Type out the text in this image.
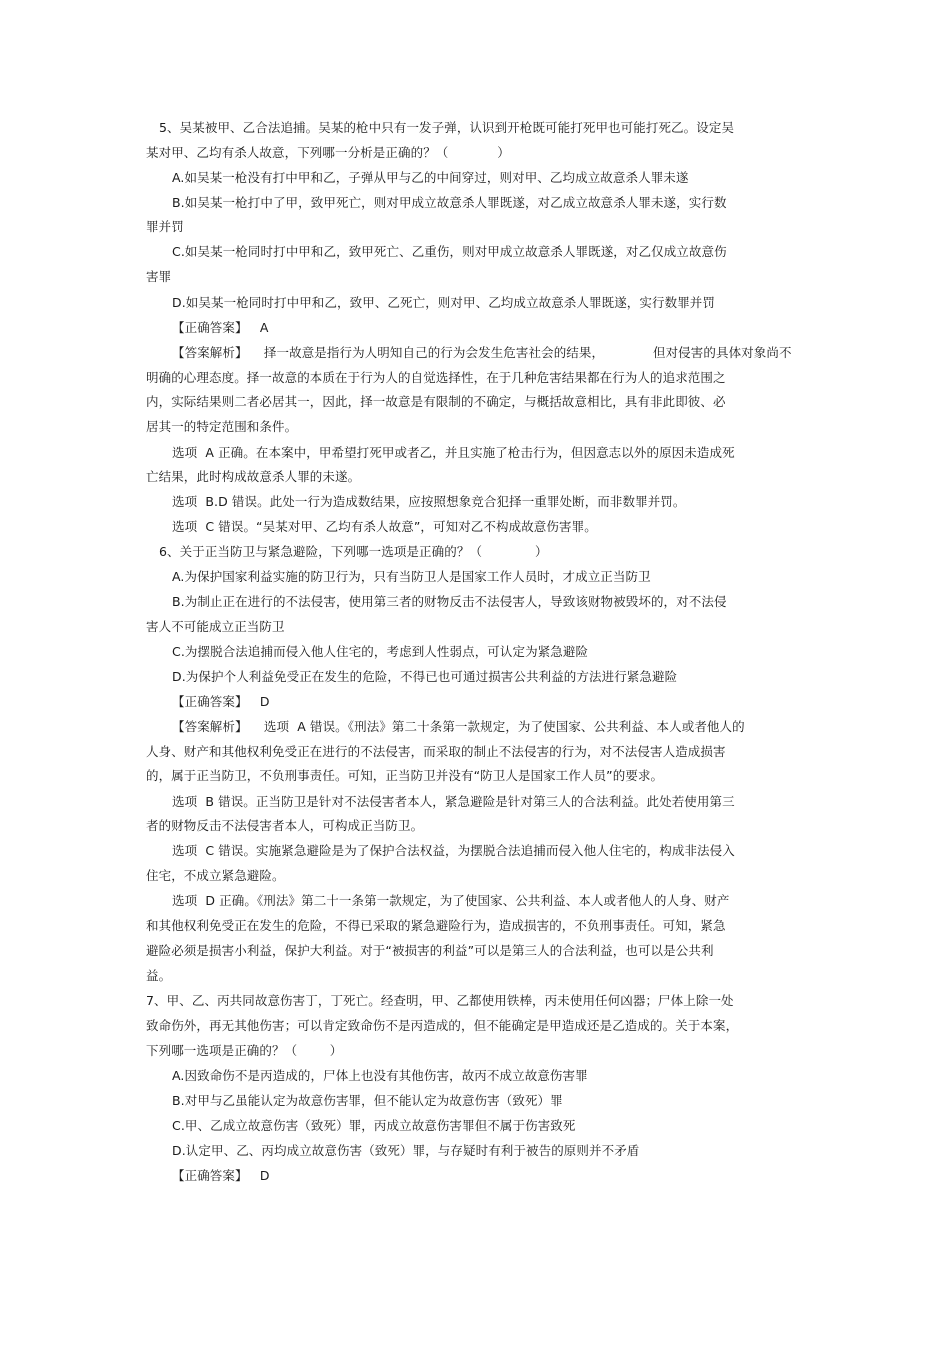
5、吴某被甲、乙合法追捕。吴某的枪中只有一发子弹，认识到开枪既可能打死甲也可能打死乙。设定吴
某对甲、乙均有杀人故意，下列哪一分析是正确的？（            ）
A.如吴某一枪没有打中甲和乙，子弹从甲与乙的中间穿过，则对甲、乙均成立故意杀人罪未遂
B.如吴某一枪打中了甲，致甲死亡，则对甲成立故意杀人罪既遂，对乙成立故意杀人罪未遂，实行数
罪并罚
C.如吴某一枪同时打中甲和乙，致甲死亡、乙重伤，则对甲成立故意杀人罪既遂，对乙仅成立故意伤
害罪
D.如吴某一枪同时打中甲和乙，致甲、乙死亡，则对甲、乙均成立故意杀人罪既遂，实行数罪并罚
【正确答案】   A
【答案解析】    择一故意是指行为人明知自己的行为会发生危害社会的结果，            但对侵害的具体对象尚不
明确的心理态度。择一故意的本质在于行为人的自觉选择性，在于几种危害结果都在行为人的追求范围之
内，实际结果则二者必居其一，因此，择一故意是有限制的不确定，与概括故意相比，具有非此即彼、必
居其一的特定范围和条件。
选项  A 正确。在本案中，甲希望打死甲或者乙，并且实施了枪击行为，但因意志以外的原因未造成死
亡结果，此时构成故意杀人罪的未遂。
选项  B.D 错误。此处一行为造成数结果，应按照想象竞合犯择一重罪处断，而非数罪并罚。
选项  C 错误。“吴某对甲、乙均有杀人故意”，可知对乙不构成故意伤害罪。
6、关于正当防卫与紧急避险，下列哪一选项是正确的？（             ）
A.为保护国家利益实施的防卫行为，只有当防卫人是国家工作人员时，才成立正当防卫
B.为制止正在进行的不法侵害，使用第三者的财物反击不法侵害人，导致该财物被毁坏的，对不法侵
害人不可能成立正当防卫
C.为摆脱合法追捕而侵入他人住宅的，考虑到人性弱点，可认定为紧急避险
D.为保护个人利益免受正在发生的危险，不得已也可通过损害公共利益的方法进行紧急避险
【正确答案】   D
【答案解析】    选项  A 错误。《刑法》第二十条第一款规定，为了使国家、公共利益、本人或者他人的
人身、财产和其他权利免受正在进行的不法侵害，而采取的制止不法侵害的行为，对不法侵害人造成损害
的，属于正当防卫，不负刑事责任。可知，正当防卫并没有“防卫人是国家工作人员”的要求。
选项  B 错误。正当防卫是针对不法侵害者本人，紧急避险是针对第三人的合法利益。此处若使用第三
者的财物反击不法侵害者本人，可构成正当防卫。
选项  C 错误。实施紧急避险是为了保护合法权益，为摆脱合法追捕而侵入他人住宅的，构成非法侵入
住宅，不成立紧急避险。
选项  D 正确。《刑法》第二十一条第一款规定，为了使国家、公共利益、本人或者他人的人身、财产
和其他权利免受正在发生的危险，不得已采取的紧急避险行为，造成损害的，不负刑事责任。可知，紧急
避险必须是损害小利益，保护大利益。对于“被损害的利益”可以是第三人的合法利益，也可以是公共利
益。
7、甲、乙、丙共同故意伤害丁，丁死亡。经查明，甲、乙都使用铁棒，丙未使用任何凶器；尸体上除一处
致命伤外，再无其他伤害；可以肯定致命伤不是丙造成的，但不能确定是甲造成还是乙造成的。关于本案，
下列哪一选项是正确的？（        ）
A.因致命伤不是丙造成的，尸体上也没有其他伤害，故丙不成立故意伤害罪
B.对甲与乙虽能认定为故意伤害罪，但不能认定为故意伤害（致死）罪
C.甲、乙成立故意伤害（致死）罪，丙成立故意伤害罪但不属于伤害致死
D.认定甲、乙、丙均成立故意伤害（致死）罪，与存疑时有利于被告的原则并不矛盾
【正确答案】   D
